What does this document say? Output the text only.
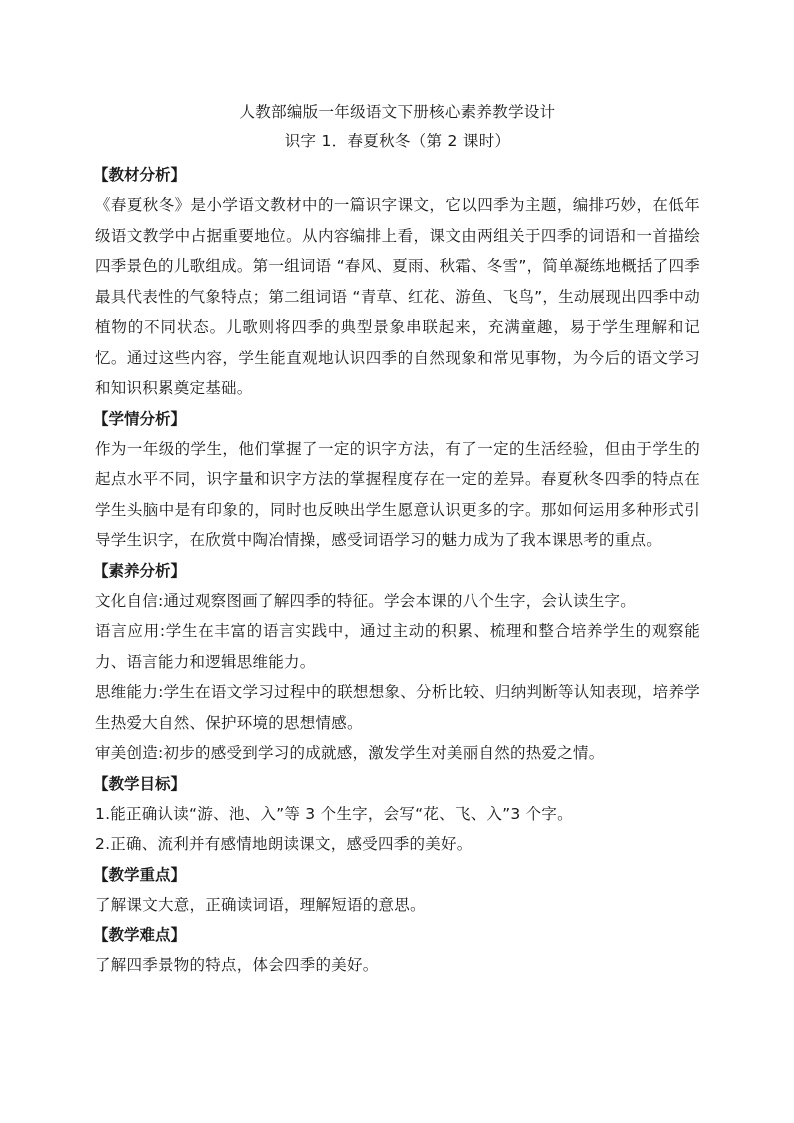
人教部编版一年级语文下册核心素养教学设计

识字 1．春夏秋冬（第 2 课时）

【教材分析】

《春夏秋冬》是小学语文教材中的一篇识字课文，它以四季为主题，编排巧妙，在低年级语文教学中占据重要地位。从内容编排上看，课文由两组关于四季的词语和一首描绘四季景色的儿歌组成。第一组词语 “春风、夏雨、秋霜、冬雪”，简单凝练地概括了四季最具代表性的气象特点；第二组词语 “青草、红花、游鱼、飞鸟”，生动展现出四季中动植物的不同状态。儿歌则将四季的典型景象串联起来，充满童趣，易于学生理解和记忆。通过这些内容，学生能直观地认识四季的自然现象和常见事物，为今后的语文学习和知识积累奠定基础。

【学情分析】

作为一年级的学生，他们掌握了一定的识字方法，有了一定的生活经验，但由于学生的起点水平不同，识字量和识字方法的掌握程度存在一定的差异。春夏秋冬四季的特点在学生头脑中是有印象的，同时也反映出学生愿意认识更多的字。那如何运用多种形式引导学生识字，在欣赏中陶冶情操，感受词语学习的魅力成为了我本课思考的重点。

【素养分析】

文化自信:通过观察图画了解四季的特征。学会本课的八个生字，会认读生字。

语言应用:学生在丰富的语言实践中，通过主动的积累、梳理和整合培养学生的观察能力、语言能力和逻辑思维能力。

思维能力:学生在语文学习过程中的联想想象、分析比较、归纳判断等认知表现，培养学生热爱大自然、保护环境的思想情感。

审美创造:初步的感受到学习的成就感，激发学生对美丽自然的热爱之情。

【教学目标】

1.能正确认读“游、池、入”等 3 个生字，会写“花、飞、入”3 个字。

2.正确、流利并有感情地朗读课文，感受四季的美好。

【教学重点】

了解课文大意，正确读词语，理解短语的意思。

【教学难点】

了解四季景物的特点，体会四季的美好。
